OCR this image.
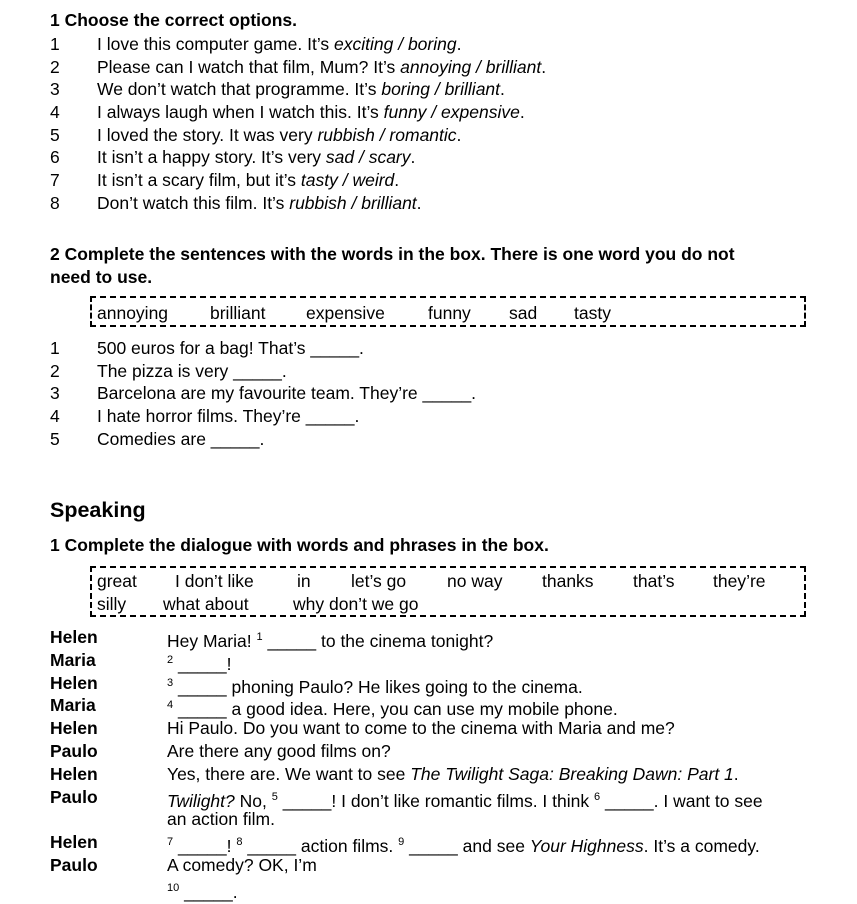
1 Choose the correct options.
1 I love this computer game. It’s exciting / boring.
2 Please can I watch that film, Mum? It’s annoying / brilliant.
3 We don’t watch that programme. It’s boring / brilliant.
4 I always laugh when I watch this. It’s funny / expensive.
5 I loved the story. It was very rubbish / romantic.
6 It isn’t a happy story. It’s very sad / scary.
7 It isn’t a scary film, but it’s tasty / weird.
8 Don’t watch this film. It’s rubbish / brilliant.
2 Complete the sentences with the words in the box. There is one word you do not
need to use.
annoying brilliant expensive funny sad tasty
1 500 euros for a bag! That’s _____.
2 The pizza is very _____.
3 Barcelona are my favourite team. They’re _____.
4 I hate horror films. They’re _____.
5 Comedies are _____.
Speaking
1 Complete the dialogue with words and phrases in the box.
great I don’t like in let’s go no way thanks that’s they’re
silly what about	why don’t we go
Helen	Hey Maria! $^1$ _____ to the cinema tonight?
Maria	$^2$ _____!
Helen	$^3$ _____ phoning Paulo? He likes going to the cinema.
Maria	$^4$ _____ a good idea. Here, you can use my mobile phone.
Helen	Hi Paulo. Do you want to come to the cinema with Maria and me?
Paulo	Are there any good films on?
Helen	Yes, there are. We want to see The Twilight Saga: Breaking Dawn: Part 1.
Paulo	Twilight? No, $^5$ _____! I don’t like romantic films. I think $^6$ _____. I want to see
an action film.
Helen	$^7$ _____! $^8$ _____ action films. $^9$ _____ and see Your Highness. It’s a comedy.
Paulo	A comedy? OK, I’m
$^{10}$ _____.
